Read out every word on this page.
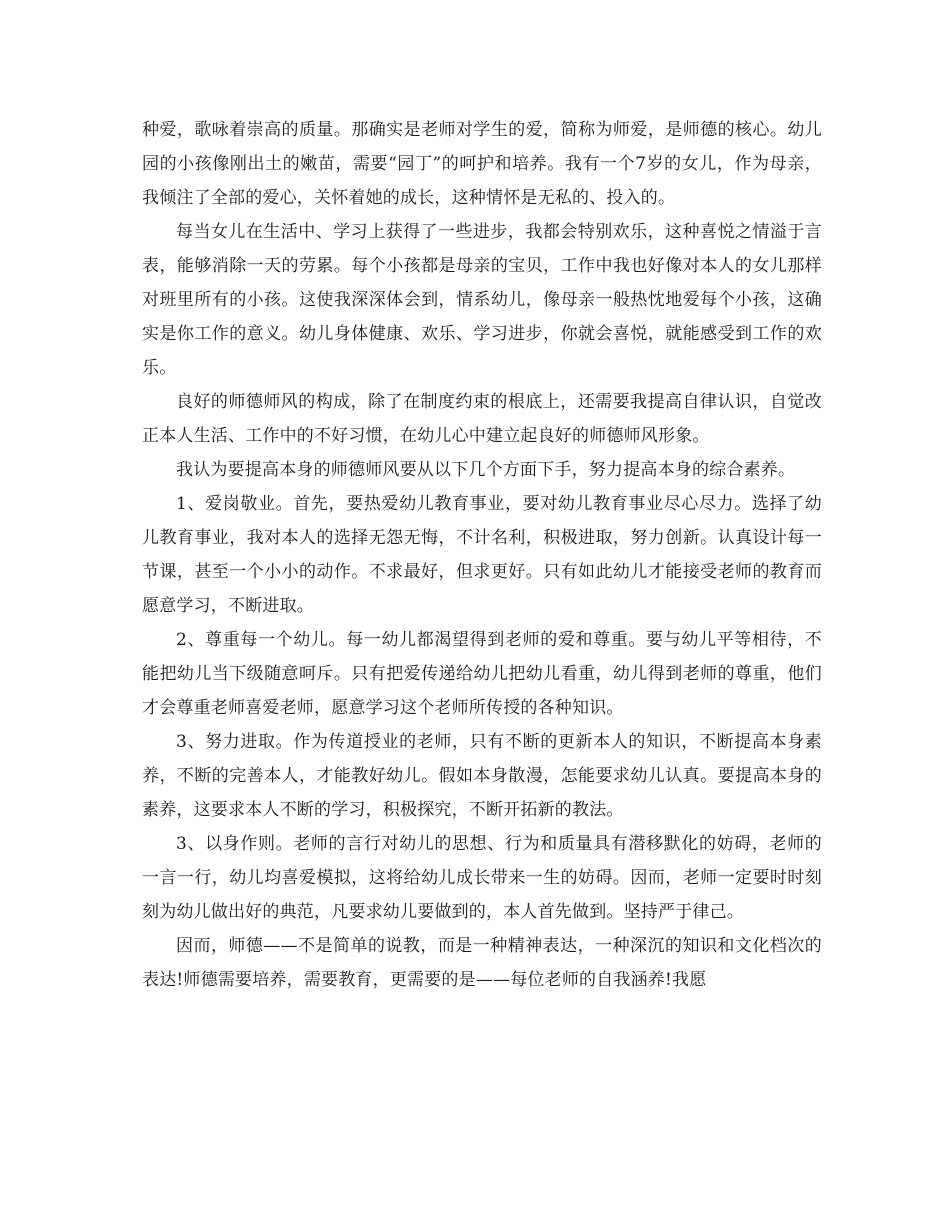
种爱，歌咏着崇高的质量。那确实是老师对学生的爱，简称为师爱，是师德的核心。幼儿园的小孩像刚出土的嫩苗，需要“园丁”的呵护和培养。我有一个7岁的女儿，作为母亲，我倾注了全部的爱心，关怀着她的成长，这种情怀是无私的、投入的。

每当女儿在生活中、学习上获得了一些进步，我都会特别欢乐，这种喜悦之情溢于言表，能够消除一天的劳累。每个小孩都是母亲的宝贝，工作中我也好像对本人的女儿那样对班里所有的小孩。这使我深深体会到，情系幼儿，像母亲一般热忱地爱每个小孩，这确实是你工作的意义。幼儿身体健康、欢乐、学习进步，你就会喜悦，就能感受到工作的欢乐。

良好的师德师风的构成，除了在制度约束的根底上，还需要我提高自律认识，自觉改正本人生活、工作中的不好习惯，在幼儿心中建立起良好的师德师风形象。

我认为要提高本身的师德师风要从以下几个方面下手，努力提高本身的综合素养。

1、爱岗敬业。首先，要热爱幼儿教育事业，要对幼儿教育事业尽心尽力。选择了幼儿教育事业，我对本人的选择无怨无悔，不计名利，积极进取，努力创新。认真设计每一节课，甚至一个小小的动作。不求最好，但求更好。只有如此幼儿才能接受老师的教育而愿意学习，不断进取。

2、尊重每一个幼儿。每一幼儿都渴望得到老师的爱和尊重。要与幼儿平等相待，不能把幼儿当下级随意呵斥。只有把爱传递给幼儿把幼儿看重，幼儿得到老师的尊重，他们才会尊重老师喜爱老师，愿意学习这个老师所传授的各种知识。

3、努力进取。作为传道授业的老师，只有不断的更新本人的知识，不断提高本身素养，不断的完善本人，才能教好幼儿。假如本身散漫，怎能要求幼儿认真。要提高本身的素养，这要求本人不断的学习，积极探究，不断开拓新的教法。

3、以身作则。老师的言行对幼儿的思想、行为和质量具有潜移默化的妨碍，老师的一言一行，幼儿均喜爱模拟，这将给幼儿成长带来一生的妨碍。因而，老师一定要时时刻刻为幼儿做出好的典范，凡要求幼儿要做到的，本人首先做到。坚持严于律己。

因而，师德——不是简单的说教，而是一种精神表达，一种深沉的知识和文化档次的表达!师德需要培养，需要教育，更需要的是——每位老师的自我涵养!我愿
